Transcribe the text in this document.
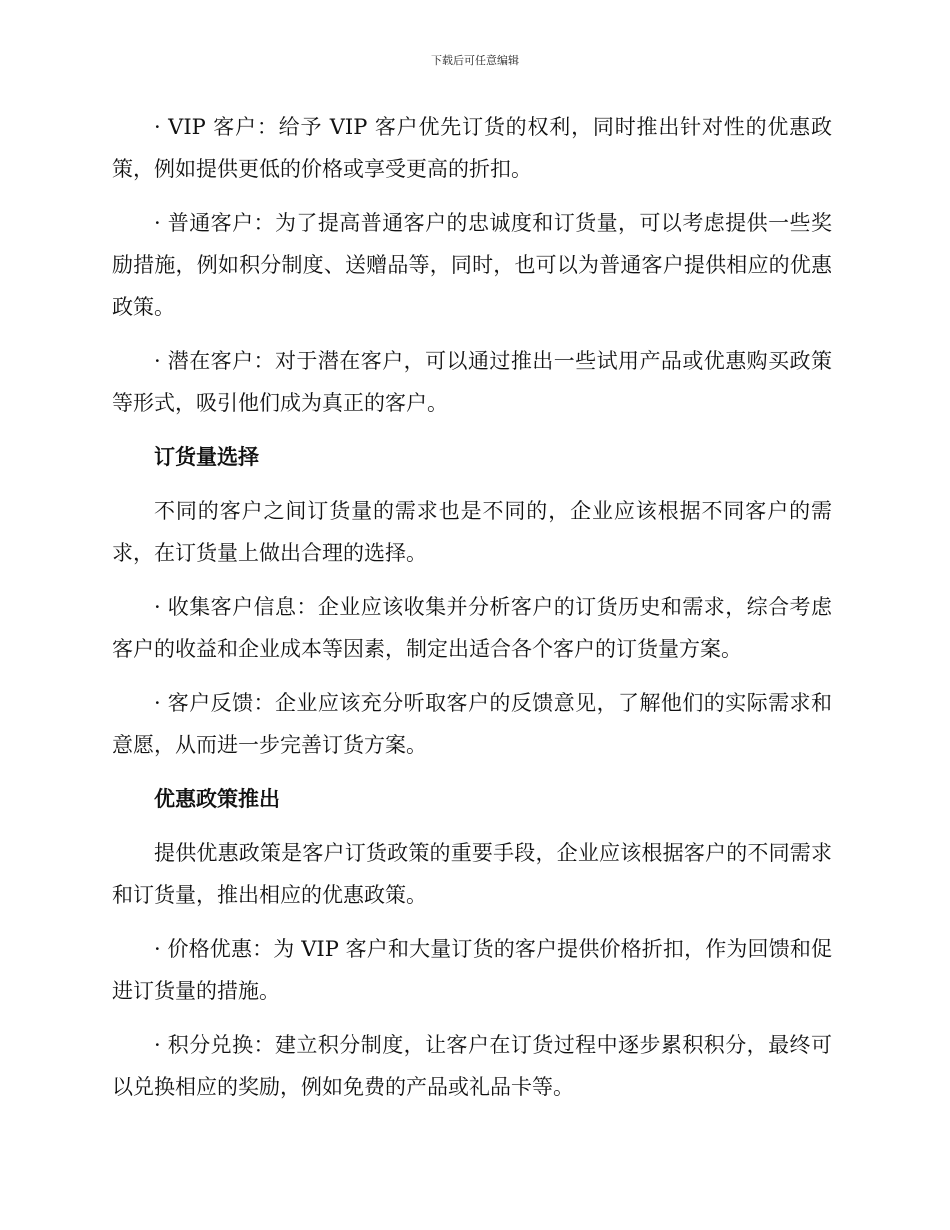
下载后可任意编辑

· VIP 客户：给予 VIP 客户优先订货的权利，同时推出针对性的优惠政策，例如提供更低的价格或享受更高的折扣。

· 普通客户：为了提高普通客户的忠诚度和订货量，可以考虑提供一些奖励措施，例如积分制度、送赠品等，同时，也可以为普通客户提供相应的优惠政策。

· 潜在客户：对于潜在客户，可以通过推出一些试用产品或优惠购买政策等形式，吸引他们成为真正的客户。

订货量选择

不同的客户之间订货量的需求也是不同的，企业应该根据不同客户的需求，在订货量上做出合理的选择。

· 收集客户信息：企业应该收集并分析客户的订货历史和需求，综合考虑客户的收益和企业成本等因素，制定出适合各个客户的订货量方案。

· 客户反馈：企业应该充分听取客户的反馈意见，了解他们的实际需求和意愿，从而进一步完善订货方案。

优惠政策推出

提供优惠政策是客户订货政策的重要手段，企业应该根据客户的不同需求和订货量，推出相应的优惠政策。

· 价格优惠：为 VIP 客户和大量订货的客户提供价格折扣，作为回馈和促进订货量的措施。

· 积分兑换：建立积分制度，让客户在订货过程中逐步累积积分，最终可以兑换相应的奖励，例如免费的产品或礼品卡等。
